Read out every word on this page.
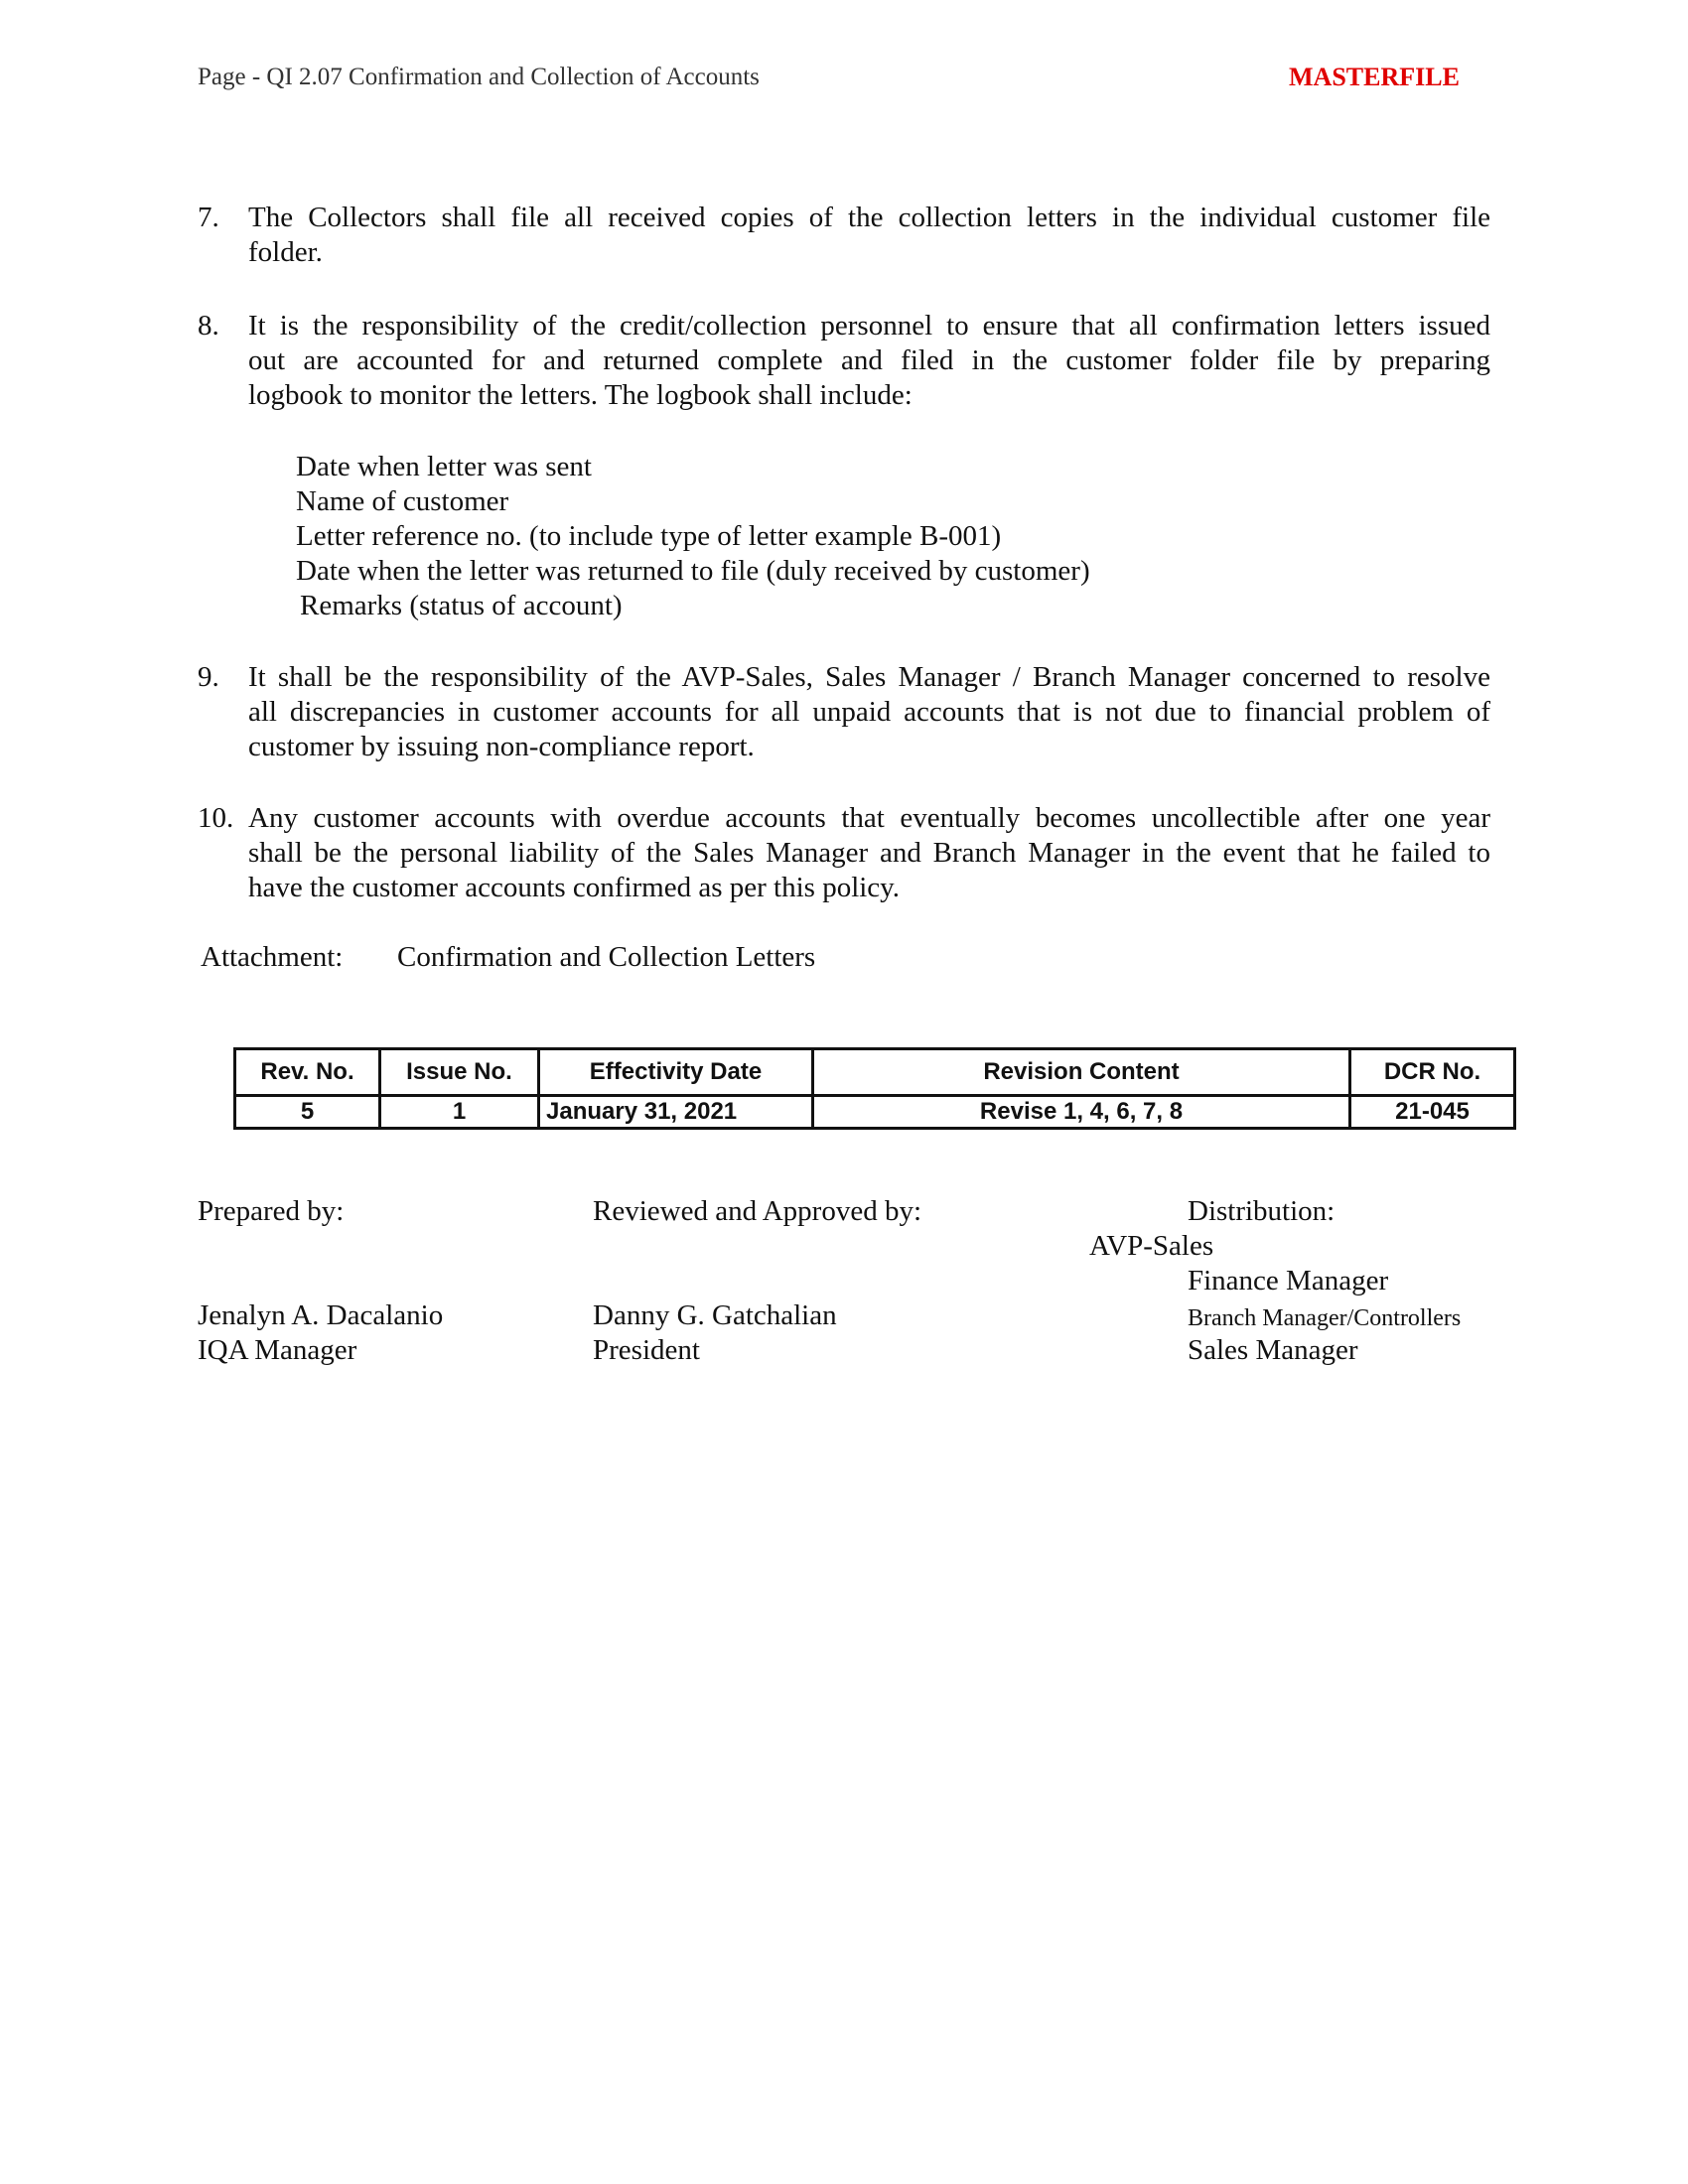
Page - QI 2.07 Confirmation and Collection of Accounts	MASTERFILE
7. The Collectors shall file all received copies of the collection letters in the individual customer file
folder.
8. It is the responsibility of the credit/collection personnel to ensure that all confirmation letters issued
out are accounted for and returned complete and filed in the customer folder file by preparing
logbook to monitor the letters. The logbook shall include:
Date when letter was sent
Name of customer
Letter reference no. (to include type of letter example B-001)
Date when the letter was returned to file (duly received by customer)
Remarks (status of account)
9. It shall be the responsibility of the AVP-Sales, Sales Manager / Branch Manager concerned to resolve
all discrepancies in customer accounts for all unpaid accounts that is not due to financial problem of
customer by issuing non-compliance report.
10. Any customer accounts with overdue accounts that eventually becomes uncollectible after one year
shall be the personal liability of the Sales Manager and Branch Manager in the event that he failed to
have the customer accounts confirmed as per this policy.
Attachment: Confirmation and Collection Letters
Rev. No.	Issue No.	Effectivity Date	Revision Content	DCR No.
5	1	January 31, 2021	Revise 1, 4, 6, 7, 8	21-045
Prepared by:
Jenalyn A. Dacalanio
IQA Manager
Reviewed and Approved by:
Danny G. Gatchalian
President
Distribution:
AVP-Sales
Finance Manager
Branch Manager/Controllers
Sales Manager
